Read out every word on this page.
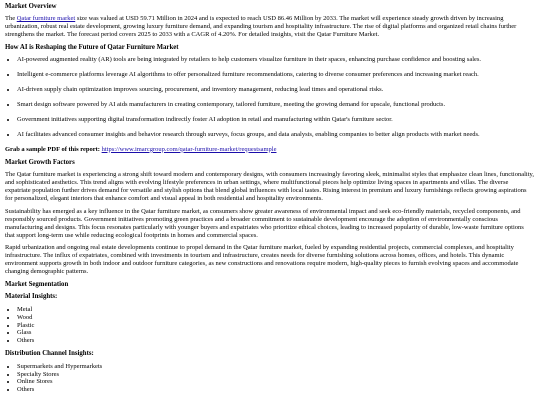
Market Overview

The Qatar furniture market size was valued at USD 59.71 Million in 2024 and is expected to reach USD 86.46 Million by 2033. The market will experience steady growth driven by increasing urbanization, robust real estate development, growing luxury furniture demand, and expanding tourism and hospitality infrastructure. The rise of digital platforms and organized retail chains further strengthens the market. The forecast period covers 2025 to 2033 with a CAGR of 4.20%. For detailed insights, visit the Qatar Furniture Market.

How AI is Reshaping the Future of Qatar Furniture Market
• AI-powered augmented reality (AR) tools are being integrated by retailers to help customers visualize furniture in their spaces, enhancing purchase confidence and boosting sales.
• Intelligent e-commerce platforms leverage AI algorithms to offer personalized furniture recommendations, catering to diverse consumer preferences and increasing market reach.
• AI-driven supply chain optimization improves sourcing, procurement, and inventory management, reducing lead times and operational risks.
• Smart design software powered by AI aids manufacturers in creating contemporary, tailored furniture, meeting the growing demand for upscale, functional products.
• Government initiatives supporting digital transformation indirectly foster AI adoption in retail and manufacturing within Qatar's furniture sector.
• AI facilitates advanced consumer insights and behavior research through surveys, focus groups, and data analysis, enabling companies to better align products with market needs.

Grab a sample PDF of this report: https://www.imarcgroup.com/qatar-furniture-market/requestsample

Market Growth Factors

The Qatar furniture market is experiencing a strong shift toward modern and contemporary designs, with consumers increasingly favoring sleek, minimalist styles that emphasize clean lines, functionality, and sophisticated aesthetics. This trend aligns with evolving lifestyle preferences in urban settings, where multifunctional pieces help optimize living spaces in apartments and villas. The diverse expatriate population further drives demand for versatile and stylish options that blend global influences with local tastes. Rising interest in premium and luxury furnishings reflects growing aspirations for personalized, elegant interiors that enhance comfort and visual appeal in both residential and hospitality environments.

Sustainability has emerged as a key influence in the Qatar furniture market, as consumers show greater awareness of environmental impact and seek eco-friendly materials, recycled components, and responsibly sourced products. Government initiatives promoting green practices and a broader commitment to sustainable development encourage the adoption of environmentally conscious manufacturing and designs. This focus resonates particularly with younger buyers and expatriates who prioritize ethical choices, leading to increased popularity of durable, low-waste furniture options that support long-term use while reducing ecological footprints in homes and commercial spaces.

Rapid urbanization and ongoing real estate developments continue to propel demand in the Qatar furniture market, fueled by expanding residential projects, commercial complexes, and hospitality infrastructure. The influx of expatriates, combined with investments in tourism and infrastructure, creates needs for diverse furnishing solutions across homes, offices, and hotels. This dynamic environment supports growth in both indoor and outdoor furniture categories, as new constructions and renovations require modern, high-quality pieces to furnish evolving spaces and accommodate changing demographic patterns.

Market Segmentation
Material Insights:
• Metal
• Wood
• Plastic
• Glass
• Others
Distribution Channel Insights:
• Supermarkets and Hypermarkets
• Specialty Stores
• Online Stores
• Others
